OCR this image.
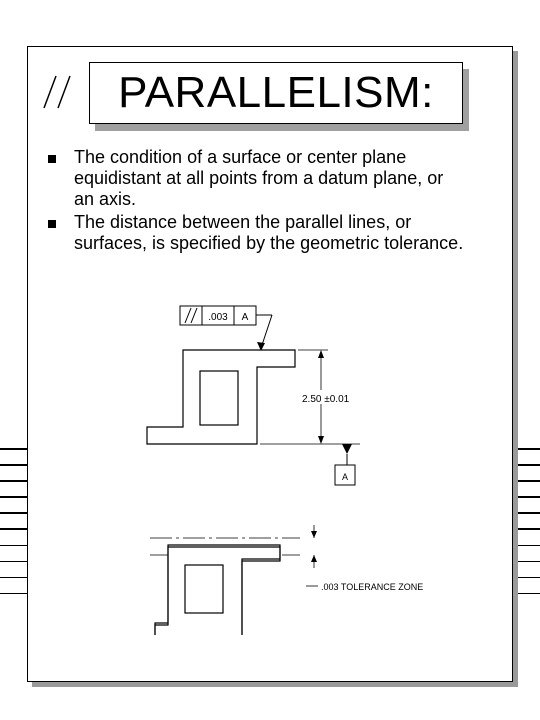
PARALLELISM:
The condition of a surface or center plane equidistant at all points from a datum plane, or an axis.
The distance between the parallel lines, or surfaces, is specified by the geometric tolerance.
.003 A
2.50 ±0.01
A
.003 TOLERANCE ZONE
